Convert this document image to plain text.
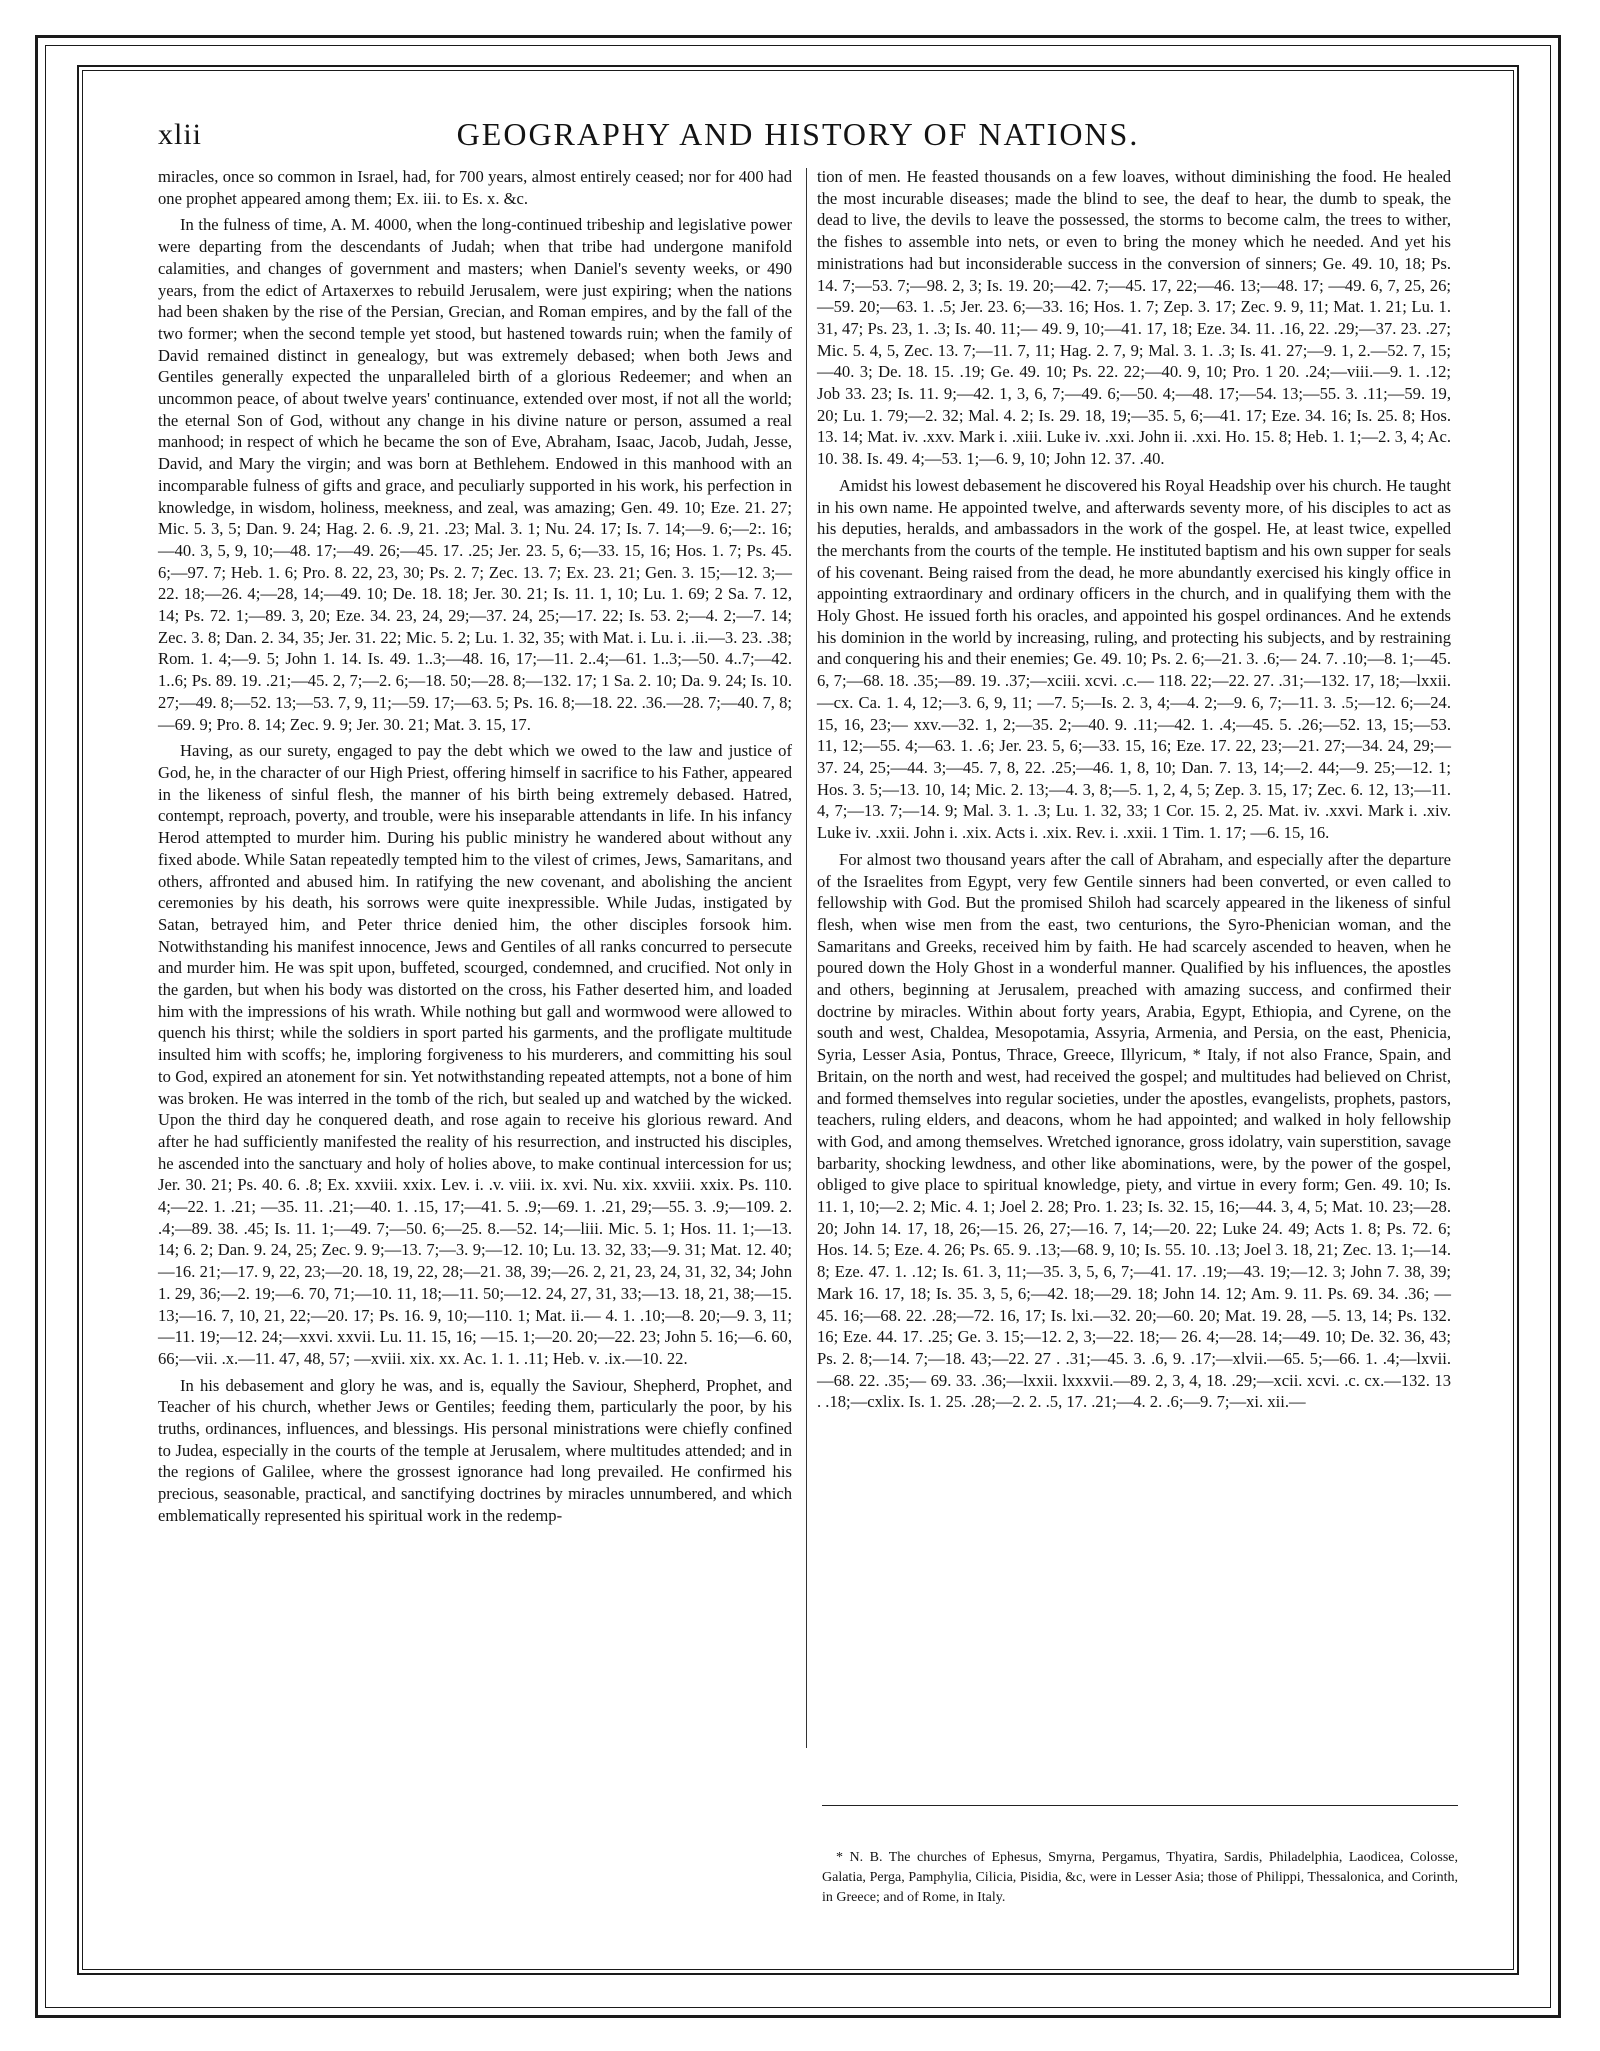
xlii	GEOGRAPHY AND HISTORY OF NATIONS.

miracles, once so common in Israel, had, for 700 years, almost entirely ceased; nor for 400 had one prophet appeared among them; Ex. iii. to Es. x. &c.

In the fulness of time, A. M. 4000, when the long-continued tribeship and legislative power were departing from the descendants of Judah; when that tribe had undergone manifold calamities, and changes of government and masters; when Daniel's seventy weeks, or 490 years, from the edict of Artaxerxes to rebuild Jerusalem, were just expiring; when the nations had been shaken by the rise of the Persian, Grecian, and Roman empires, and by the fall of the two former; when the second temple yet stood, but hastened towards ruin; when the family of David remained distinct in genealogy, but was extremely debased; when both Jews and Gentiles generally expected the unparalleled birth of a glorious Redeemer; and when an uncommon peace, of about twelve years' continuance, extended over most, if not all the world; the eternal Son of God, without any change in his divine nature or person, assumed a real manhood; in respect of which he became the son of Eve, Abraham, Isaac, Jacob, Judah, Jesse, David, and Mary the virgin; and was born at Bethlehem. Endowed in this manhood with an incomparable fulness of gifts and grace, and peculiarly supported in his work, his perfection in knowledge, in wisdom, holiness, meekness, and zeal, was amazing; Gen. 49. 10; Eze. 21. 27; Mic. 5. 3, 5; Dan. 9. 24; Hag. 2. 6. .9, 21. .23; Mal. 3. 1; Nu. 24. 17; Is. 7. 14;—9. 6;—2:. 16;—40. 3, 5, 9, 10;—48. 17;—49. 26;—45. 17. .25; Jer. 23. 5, 6;—33. 15, 16; Hos. 1. 7; Ps. 45. 6;—97. 7; Heb. 1. 6; Pro. 8. 22, 23, 30; Ps. 2. 7; Zec. 13. 7; Ex. 23. 21; Gen. 3. 15;—12. 3;—22. 18;—26. 4;—28, 14;—49. 10; De. 18. 18; Jer. 30. 21; Is. 11. 1, 10; Lu. 1. 69; 2 Sa. 7. 12, 14; Ps. 72. 1;—89. 3, 20; Eze. 34. 23, 24, 29;—37. 24, 25;—17. 22; Is. 53. 2;—4. 2;—7. 14; Zec. 3. 8; Dan. 2. 34, 35; Jer. 31. 22; Mic. 5. 2; Lu. 1. 32, 35; with Mat. i. Lu. i. .ii.—3. 23. .38; Rom. 1. 4;—9. 5; John 1. 14. Is. 49. 1..3;—48. 16, 17;—11. 2..4;—61. 1..3;—50. 4..7;—42. 1..6; Ps. 89. 19. .21;—45. 2, 7;—2. 6;—18. 50;—28. 8;—132. 17; 1 Sa. 2. 10; Da. 9. 24; Is. 10. 27;—49. 8;—52. 13;—53. 7, 9, 11;—59. 17;—63. 5; Ps. 16. 8;—18. 22. .36.—28. 7;—40. 7, 8;—69. 9; Pro. 8. 14; Zec. 9. 9; Jer. 30. 21; Mat. 3. 15, 17.

Having, as our surety, engaged to pay the debt which we owed to the law and justice of God, he, in the character of our High Priest, offering himself in sacrifice to his Father, appeared in the likeness of sinful flesh, the manner of his birth being extremely debased. Hatred, contempt, reproach, poverty, and trouble, were his inseparable attendants in life. In his infancy Herod attempted to murder him. During his public ministry he wandered about without any fixed abode. While Satan repeatedly tempted him to the vilest of crimes, Jews, Samaritans, and others, affronted and abused him. In ratifying the new covenant, and abolishing the ancient ceremonies by his death, his sorrows were quite inexpressible. While Judas, instigated by Satan, betrayed him, and Peter thrice denied him, the other disciples forsook him. Notwithstanding his manifest innocence, Jews and Gentiles of all ranks concurred to persecute and murder him. He was spit upon, buffeted, scourged, condemned, and crucified. Not only in the garden, but when his body was distorted on the cross, his Father deserted him, and loaded him with the impressions of his wrath. While nothing but gall and wormwood were allowed to quench his thirst; while the soldiers in sport parted his garments, and the profligate multitude insulted him with scoffs; he, imploring forgiveness to his murderers, and committing his soul to God, expired an atonement for sin. Yet notwithstanding repeated attempts, not a bone of him was broken. He was interred in the tomb of the rich, but sealed up and watched by the wicked. Upon the third day he conquered death, and rose again to receive his glorious reward. And after he had sufficiently manifested the reality of his resurrection, and instructed his disciples, he ascended into the sanctuary and holy of holies above, to make continual intercession for us; Jer. 30. 21; Ps. 40. 6. .8; Ex. xxviii. xxix. Lev. i. .v. viii. ix. xvi. Nu. xix. xxviii. xxix. Ps. 110. 4;—22. 1. .21; —35. 11. .21;—40. 1. .15, 17;—41. 5. .9;—69. 1. .21, 29;—55. 3. .9;—109. 2. .4;—89. 38. .45; Is. 11. 1;—49. 7;—50. 6;—25. 8.—52. 14;—liii. Mic. 5. 1; Hos. 11. 1;—13. 14; 6. 2; Dan. 9. 24, 25; Zec. 9. 9;—13. 7;—3. 9;—12. 10; Lu. 13. 32, 33;—9. 31; Mat. 12. 40;—16. 21;—17. 9, 22, 23;—20. 18, 19, 22, 28;—21. 38, 39;—26. 2, 21, 23, 24, 31, 32, 34; John 1. 29, 36;—2. 19;—6. 70, 71;—10. 11, 18;—11. 50;—12. 24, 27, 31, 33;—13. 18, 21, 38;—15. 13;—16. 7, 10, 21, 22;—20. 17; Ps. 16. 9, 10;—110. 1; Mat. ii.— 4. 1. .10;—8. 20;—9. 3, 11;—11. 19;—12. 24;—xxvi. xxvii. Lu. 11. 15, 16; —15. 1;—20. 20;—22. 23; John 5. 16;—6. 60, 66;—vii. .x.—11. 47, 48, 57; —xviii. xix. xx. Ac. 1. 1. .11; Heb. v. .ix.—10. 22.

In his debasement and glory he was, and is, equally the Saviour, Shepherd, Prophet, and Teacher of his church, whether Jews or Gentiles; feeding them, particularly the poor, by his truths, ordinances, influences, and blessings. His personal ministrations were chiefly confined to Judea, especially in the courts of the temple at Jerusalem, where multitudes attended; and in the regions of Galilee, where the grossest ignorance had long prevailed. He confirmed his precious, seasonable, practical, and sanctifying doctrines by miracles unnumbered, and which emblematically represented his spiritual work in the redemp-

tion of men. He feasted thousands on a few loaves, without diminishing the food. He healed the most incurable diseases; made the blind to see, the deaf to hear, the dumb to speak, the dead to live, the devils to leave the possessed, the storms to become calm, the trees to wither, the fishes to assemble into nets, or even to bring the money which he needed. And yet his ministrations had but inconsiderable success in the conversion of sinners; Ge. 49. 10, 18; Ps. 14. 7;—53. 7;—98. 2, 3; Is. 19. 20;—42. 7;—45. 17, 22;—46. 13;—48. 17; —49. 6, 7, 25, 26;—59. 20;—63. 1. .5; Jer. 23. 6;—33. 16; Hos. 1. 7; Zep. 3. 17; Zec. 9. 9, 11; Mat. 1. 21; Lu. 1. 31, 47; Ps. 23, 1. .3; Is. 40. 11;— 49. 9, 10;—41. 17, 18; Eze. 34. 11. .16, 22. .29;—37. 23. .27; Mic. 5. 4, 5, Zec. 13. 7;—11. 7, 11; Hag. 2. 7, 9; Mal. 3. 1. .3; Is. 41. 27;—9. 1, 2.—52. 7, 15;—40. 3; De. 18. 15. .19; Ge. 49. 10; Ps. 22. 22;—40. 9, 10; Pro. 1 20. .24;—viii.—9. 1. .12; Job 33. 23; Is. 11. 9;—42. 1, 3, 6, 7;—49. 6;—50. 4;—48. 17;—54. 13;—55. 3. .11;—59. 19, 20; Lu. 1. 79;—2. 32; Mal. 4. 2; Is. 29. 18, 19;—35. 5, 6;—41. 17; Eze. 34. 16; Is. 25. 8; Hos. 13. 14; Mat. iv. .xxv. Mark i. .xiii. Luke iv. .xxi. John ii. .xxi. Ho. 15. 8; Heb. 1. 1;—2. 3, 4; Ac. 10. 38. Is. 49. 4;—53. 1;—6. 9, 10; John 12. 37. .40.

Amidst his lowest debasement he discovered his Royal Headship over his church. He taught in his own name. He appointed twelve, and afterwards seventy more, of his disciples to act as his deputies, heralds, and ambassadors in the work of the gospel. He, at least twice, expelled the merchants from the courts of the temple. He instituted baptism and his own supper for seals of his covenant. Being raised from the dead, he more abundantly exercised his kingly office in appointing extraordinary and ordinary officers in the church, and in qualifying them with the Holy Ghost. He issued forth his oracles, and appointed his gospel ordinances. And he extends his dominion in the world by increasing, ruling, and protecting his subjects, and by restraining and conquering his and their enemies; Ge. 49. 10; Ps. 2. 6;—21. 3. .6;— 24. 7. .10;—8. 1;—45. 6, 7;—68. 18. .35;—89. 19. .37;—xciii. xcvi. .c.— 118. 22;—22. 27. .31;—132. 17, 18;—lxxii.—cx. Ca. 1. 4, 12;—3. 6, 9, 11; —7. 5;—Is. 2. 3, 4;—4. 2;—9. 6, 7;—11. 3. .5;—12. 6;—24. 15, 16, 23;— xxv.—32. 1, 2;—35. 2;—40. 9. .11;—42. 1. .4;—45. 5. .26;—52. 13, 15;—53. 11, 12;—55. 4;—63. 1. .6; Jer. 23. 5, 6;—33. 15, 16; Eze. 17. 22, 23;—21. 27;—34. 24, 29;—37. 24, 25;—44. 3;—45. 7, 8, 22. .25;—46. 1, 8, 10; Dan. 7. 13, 14;—2. 44;—9. 25;—12. 1; Hos. 3. 5;—13. 10, 14; Mic. 2. 13;—4. 3, 8;—5. 1, 2, 4, 5; Zep. 3. 15, 17; Zec. 6. 12, 13;—11. 4, 7;—13. 7;—14. 9; Mal. 3. 1. .3; Lu. 1. 32, 33; 1 Cor. 15. 2, 25. Mat. iv. .xxvi. Mark i. .xiv. Luke iv. .xxii. John i. .xix. Acts i. .xix. Rev. i. .xxii. 1 Tim. 1. 17; —6. 15, 16.

For almost two thousand years after the call of Abraham, and especially after the departure of the Israelites from Egypt, very few Gentile sinners had been converted, or even called to fellowship with God. But the promised Shiloh had scarcely appeared in the likeness of sinful flesh, when wise men from the east, two centurions, the Syro-Phenician woman, and the Samaritans and Greeks, received him by faith. He had scarcely ascended to heaven, when he poured down the Holy Ghost in a wonderful manner. Qualified by his influences, the apostles and others, beginning at Jerusalem, preached with amazing success, and confirmed their doctrine by miracles. Within about forty years, Arabia, Egypt, Ethiopia, and Cyrene, on the south and west, Chaldea, Mesopotamia, Assyria, Armenia, and Persia, on the east, Phenicia, Syria, Lesser Asia, Pontus, Thrace, Greece, Illyricum, * Italy, if not also France, Spain, and Britain, on the north and west, had received the gospel; and multitudes had believed on Christ, and formed themselves into regular societies, under the apostles, evangelists, prophets, pastors, teachers, ruling elders, and deacons, whom he had appointed; and walked in holy fellowship with God, and among themselves. Wretched ignorance, gross idolatry, vain superstition, savage barbarity, shocking lewdness, and other like abominations, were, by the power of the gospel, obliged to give place to spiritual knowledge, piety, and virtue in every form; Gen. 49. 10; Is. 11. 1, 10;—2. 2; Mic. 4. 1; Joel 2. 28; Pro. 1. 23; Is. 32. 15, 16;—44. 3, 4, 5; Mat. 10. 23;—28. 20; John 14. 17, 18, 26;—15. 26, 27;—16. 7, 14;—20. 22; Luke 24. 49; Acts 1. 8; Ps. 72. 6; Hos. 14. 5; Eze. 4. 26; Ps. 65. 9. .13;—68. 9, 10; Is. 55. 10. .13; Joel 3. 18, 21; Zec. 13. 1;—14. 8; Eze. 47. 1. .12; Is. 61. 3, 11;—35. 3, 5, 6, 7;—41. 17. .19;—43. 19;—12. 3; John 7. 38, 39; Mark 16. 17, 18; Is. 35. 3, 5, 6;—42. 18;—29. 18; John 14. 12; Am. 9. 11. Ps. 69. 34. .36; —45. 16;—68. 22. .28;—72. 16, 17; Is. lxi.—32. 20;—60. 20; Mat. 19. 28, —5. 13, 14; Ps. 132. 16; Eze. 44. 17. .25; Ge. 3. 15;—12. 2, 3;—22. 18;— 26. 4;—28. 14;—49. 10; De. 32. 36, 43; Ps. 2. 8;—14. 7;—18. 43;—22. 27 . .31;—45. 3. .6, 9. .17;—xlvii.—65. 5;—66. 1. .4;—lxvii.—68. 22. .35;— 69. 33. .36;—lxxii. lxxxvii.—89. 2, 3, 4, 18. .29;—xcii. xcvi. .c. cx.—132. 13 . .18;—cxlix. Is. 1. 25. .28;—2. 2. .5, 17. .21;—4. 2. .6;—9. 7;—xi. xii.—

* N. B. The churches of Ephesus, Smyrna, Pergamus, Thyatira, Sardis, Philadelphia, Laodicea, Colosse, Galatia, Perga, Pamphylia, Cilicia, Pisidia, &c, were in Lesser Asia; those of Philippi, Thessalonica, and Corinth, in Greece; and of Rome, in Italy.
